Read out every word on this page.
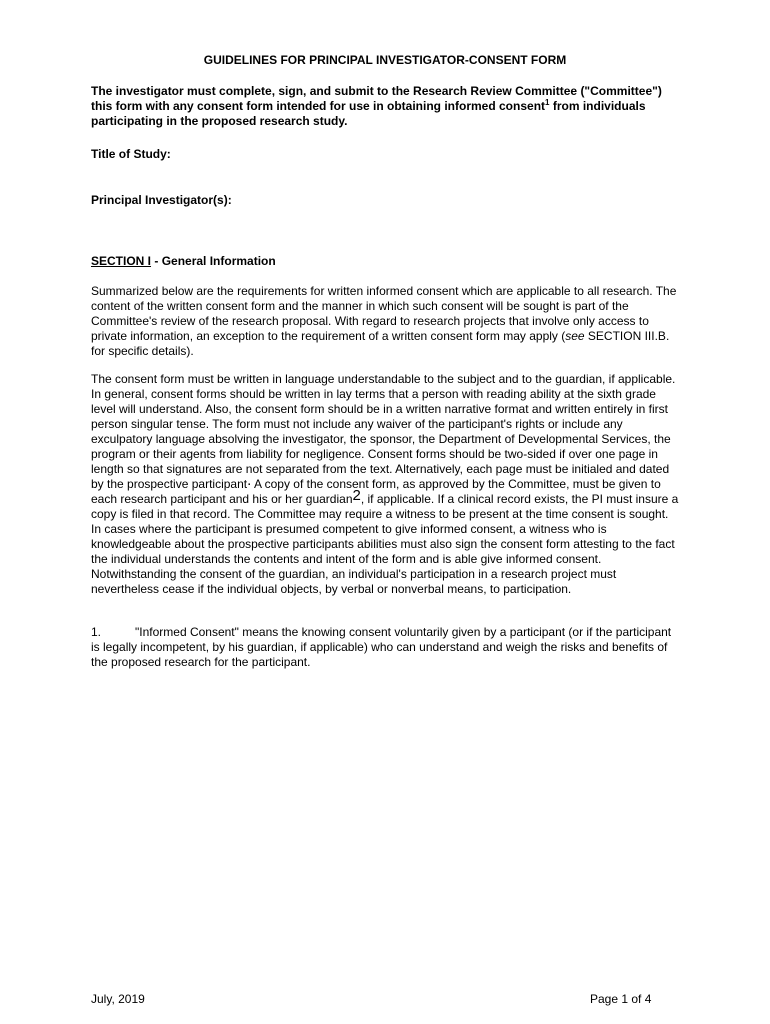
GUIDELINES FOR PRINCIPAL INVESTIGATOR-CONSENT FORM

The investigator must complete, sign, and submit to the Research Review Committee ("Committee") this form with any consent form intended for use in obtaining informed consent$^1$ from individuals participating in the proposed research study.

Title of Study:

Principal Investigator(s):

SECTION I - General Information

Summarized below are the requirements for written informed consent which are applicable to all research. The content of the written consent form and the manner in which such consent will be sought is part of the Committee's review of the research proposal. With regard to research projects that involve only access to private information, an exception to the requirement of a written consent form may apply (see SECTION III.B. for specific details).

The consent form must be written in language understandable to the subject and to the guardian, if applicable. In general, consent forms should be written in lay terms that a person with reading ability at the sixth grade level will understand. Also, the consent form should be in a written narrative format and written entirely in first person singular tense. The form must not include any waiver of the participant's rights or include any exculpatory language absolving the investigator, the sponsor, the Department of Developmental Services, the program or their agents from liability for negligence. Consent forms should be two-sided if over one page in length so that signatures are not separated from the text. Alternatively, each page must be initialed and dated by the prospective participant. A copy of the consent form, as approved by the Committee, must be given to each research participant and his or her guardian2, if applicable. If a clinical record exists, the PI must insure a copy is filed in that record. The Committee may require a witness to be present at the time consent is sought. In cases where the participant is presumed competent to give informed consent, a witness who is knowledgeable about the prospective participants abilities must also sign the consent form attesting to the fact the individual understands the contents and intent of the form and is able give informed consent. Notwithstanding the consent of the guardian, an individual's participation in a research project must nevertheless cease if the individual objects, by verbal or nonverbal means, to participation.

1.	"Informed Consent" means the knowing consent voluntarily given by a participant (or if the participant is legally incompetent, by his guardian, if applicable) who can understand and weigh the risks and benefits of the proposed research for the participant.

July, 2019	Page 1 of 4
